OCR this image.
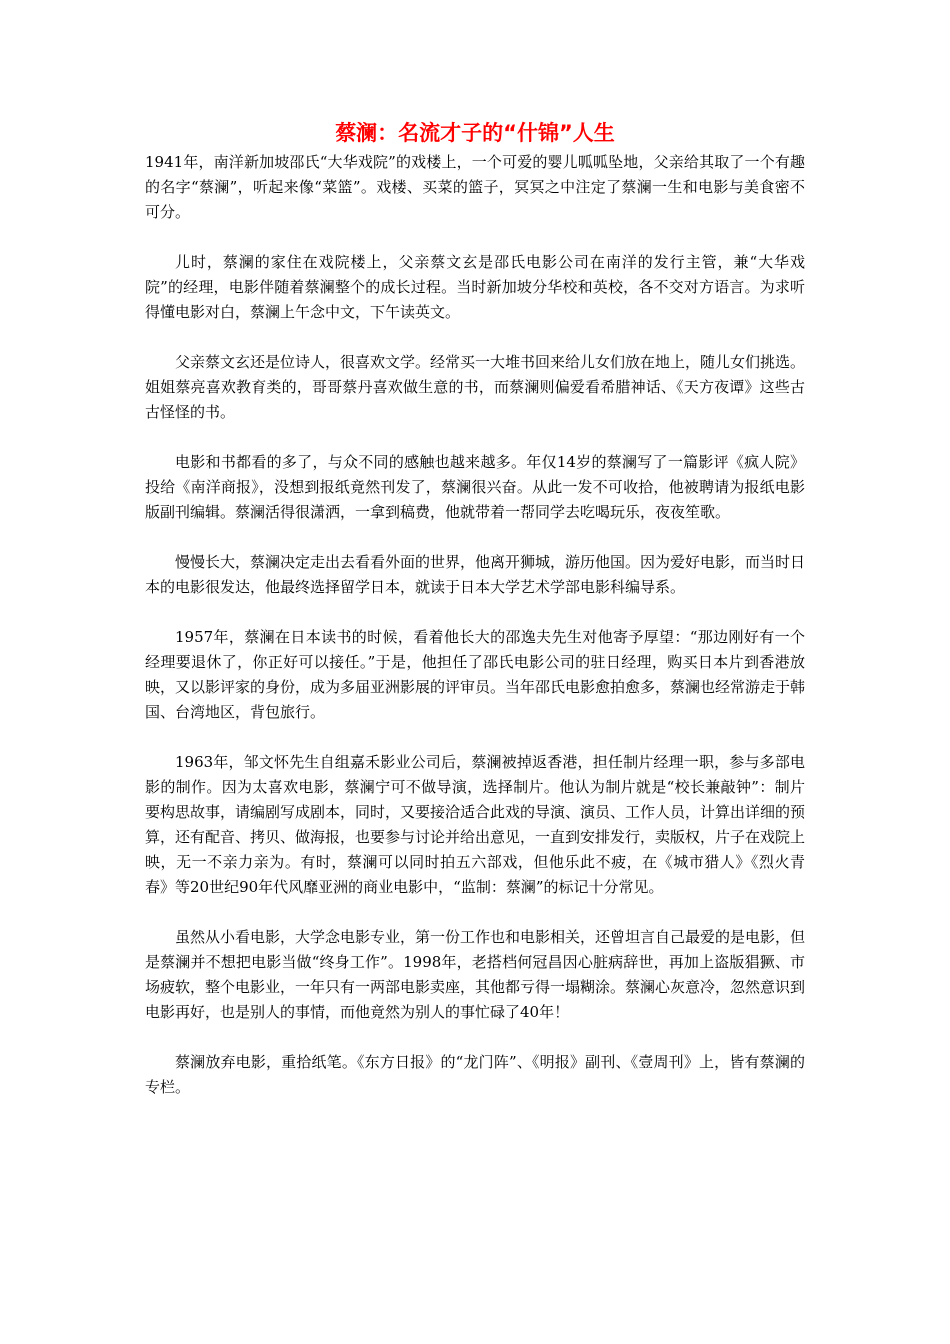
蔡澜：名流才子的“什锦”人生

1941年，南洋新加坡邵氏“大华戏院”的戏楼上，一个可爱的婴儿呱呱坠地，父亲给其取了一个有趣的名字“蔡澜”，听起来像“菜篮”。戏楼、买菜的篮子，冥冥之中注定了蔡澜一生和电影与美食密不可分。

儿时，蔡澜的家住在戏院楼上，父亲蔡文玄是邵氏电影公司在南洋的发行主管，兼“大华戏院”的经理，电影伴随着蔡澜整个的成长过程。当时新加坡分华校和英校，各不交对方语言。为求听得懂电影对白，蔡澜上午念中文，下午读英文。

父亲蔡文玄还是位诗人，很喜欢文学。经常买一大堆书回来给儿女们放在地上，随儿女们挑选。姐姐蔡亮喜欢教育类的，哥哥蔡丹喜欢做生意的书，而蔡澜则偏爱看希腊神话、《天方夜谭》这些古古怪怪的书。

电影和书都看的多了，与众不同的感触也越来越多。年仅14岁的蔡澜写了一篇影评《疯人院》投给《南洋商报》，没想到报纸竟然刊发了，蔡澜很兴奋。从此一发不可收拾，他被聘请为报纸电影版副刊编辑。蔡澜活得很潇洒，一拿到稿费，他就带着一帮同学去吃喝玩乐，夜夜笙歌。

慢慢长大，蔡澜决定走出去看看外面的世界，他离开狮城，游历他国。因为爱好电影，而当时日本的电影很发达，他最终选择留学日本，就读于日本大学艺术学部电影科编导系。

1957年，蔡澜在日本读书的时候，看着他长大的邵逸夫先生对他寄予厚望：“那边刚好有一个经理要退休了，你正好可以接任。”于是，他担任了邵氏电影公司的驻日经理，购买日本片到香港放映，又以影评家的身份，成为多届亚洲影展的评审员。当年邵氏电影愈拍愈多，蔡澜也经常游走于韩国、台湾地区，背包旅行。

1963年，邹文怀先生自组嘉禾影业公司后，蔡澜被掉返香港，担任制片经理一职，参与多部电影的制作。因为太喜欢电影，蔡澜宁可不做导演，选择制片。他认为制片就是“校长兼敲钟”：制片要构思故事，请编剧写成剧本，同时，又要接洽适合此戏的导演、演员、工作人员，计算出详细的预算，还有配音、拷贝、做海报，也要参与讨论并给出意见，一直到安排发行，卖版权，片子在戏院上映，无一不亲力亲为。有时，蔡澜可以同时拍五六部戏，但他乐此不疲，在《城市猎人》《烈火青春》等20世纪90年代风靡亚洲的商业电影中，“监制：蔡澜”的标记十分常见。

虽然从小看电影，大学念电影专业，第一份工作也和电影相关，还曾坦言自己最爱的是电影，但是蔡澜并不想把电影当做“终身工作”。1998年，老搭档何冠昌因心脏病辞世，再加上盗版猖獗、市场疲软，整个电影业，一年只有一两部电影卖座，其他都亏得一塌糊涂。蔡澜心灰意冷，忽然意识到电影再好，也是别人的事情，而他竟然为别人的事忙碌了40年！

蔡澜放弃电影，重拾纸笔。《东方日报》的“龙门阵”、《明报》副刊、《壹周刊》上，皆有蔡澜的专栏。
